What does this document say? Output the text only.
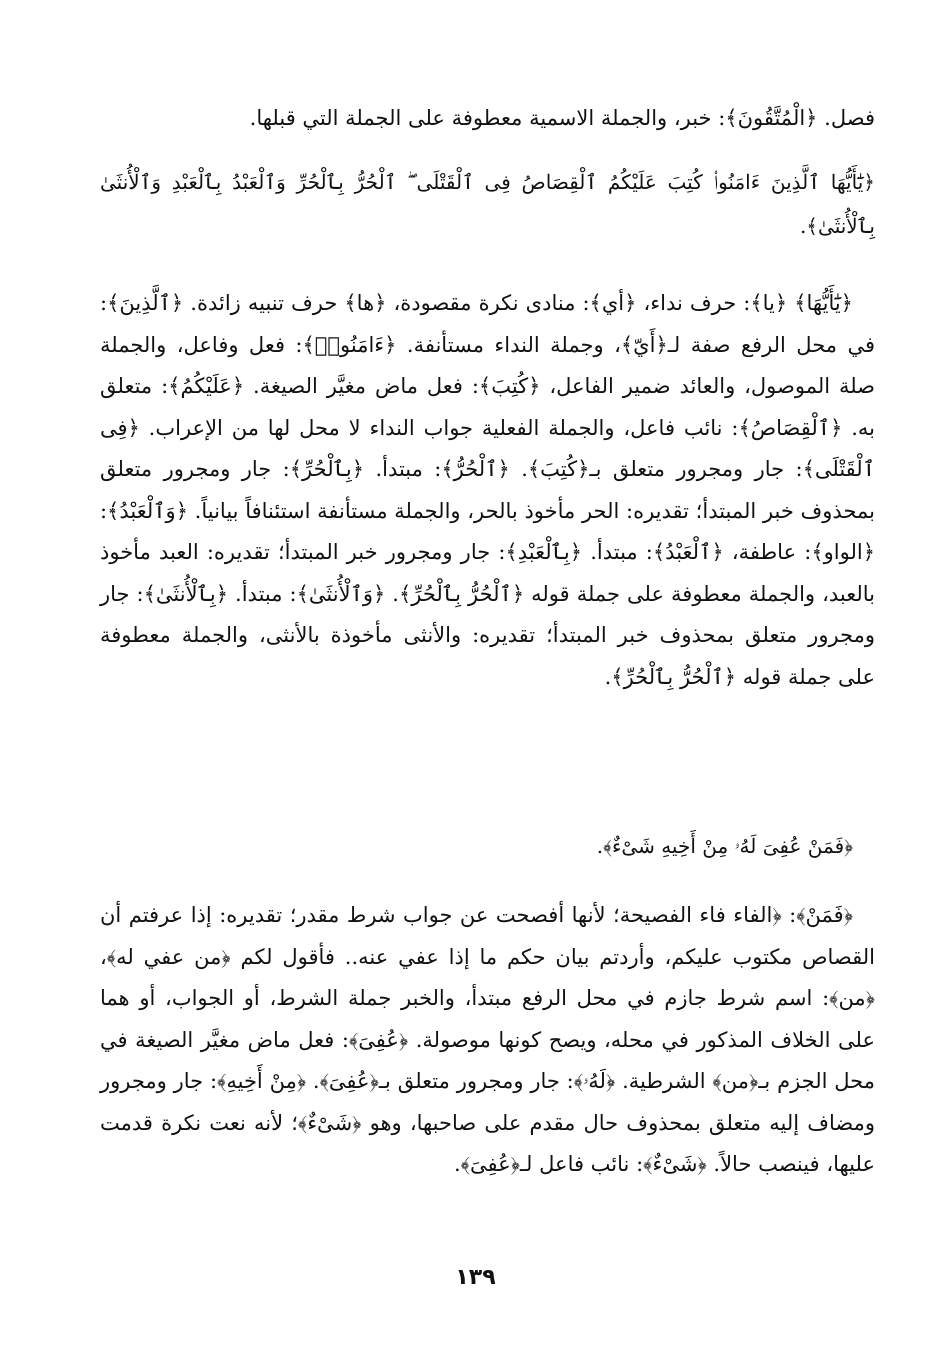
فصل. ﴿الْمُتَّقُونَ﴾: خبر، والجملة الاسمية معطوفة على الجملة التي قبلها.

﴿يَٰٓأَيُّهَا ٱلَّذِينَ ءَامَنُوا۟ كُتِبَ عَلَيْكُمُ ٱلْقِصَاصُ فِى ٱلْقَتْلَى ۖ ٱلْحُرُّ بِٱلْحُرِّ وَٱلْعَبْدُ بِٱلْعَبْدِ وَٱلْأُنثَىٰ بِٱلْأُنثَىٰ﴾.

﴿يَٰٓأَيُّهَا﴾ ﴿يا﴾: حرف نداء، ﴿أي﴾: منادى نكرة مقصودة، ﴿ها﴾ حرف تنبيه زائدة. ﴿ٱلَّذِينَ﴾: في محل الرفع صفة لـ﴿أَيّ﴾، وجملة النداء مستأنفة. ﴿ءَامَنُوا۟﴾: فعل وفاعل، والجملة صلة الموصول، والعائد ضمير الفاعل، ﴿كُتِبَ﴾: فعل ماض مغيَّر الصيغة. ﴿عَلَيْكُمُ﴾: متعلق به. ﴿ٱلْقِصَاصُ﴾: نائب فاعل، والجملة الفعلية جواب النداء لا محل لها من الإعراب. ﴿فِى ٱلْقَتْلَى﴾: جار ومجرور متعلق بـ﴿كُتِبَ﴾. ﴿ٱلْحُرُّ﴾: مبتدأ. ﴿بِٱلْحُرِّ﴾: جار ومجرور متعلق بمحذوف خبر المبتدأ؛ تقديره: الحر مأخوذ بالحر، والجملة مستأنفة استئنافاً بيانياً. ﴿وَٱلْعَبْدُ﴾: ﴿الواو﴾: عاطفة، ﴿ٱلْعَبْدُ﴾: مبتدأ. ﴿بِٱلْعَبْدِ﴾: جار ومجرور خبر المبتدأ؛ تقديره: العبد مأخوذ بالعبد، والجملة معطوفة على جملة قوله ﴿ٱلْحُرُّ بِٱلْحُرِّ﴾. ﴿وَٱلْأُنثَىٰ﴾: مبتدأ. ﴿بِٱلْأُنثَىٰ﴾: جار ومجرور متعلق بمحذوف خبر المبتدأ؛ تقديره: والأنثى مأخوذة بالأنثى، والجملة معطوفة على جملة قوله ﴿ٱلْحُرُّ بِٱلْحُرِّ﴾.

﴿فَمَنْ عُفِىَ لَهُۥ مِنْ أَخِيهِ شَىْءٌ﴾.

﴿فَمَنْ﴾: ﴿الفاء فاء الفصيحة؛ لأنها أفصحت عن جواب شرط مقدر؛ تقديره: إذا عرفتم أن القصاص مكتوب عليكم، وأردتم بيان حكم ما إذا عفي عنه.. فأقول لكم ﴿من عفي له﴾، ﴿من﴾: اسم شرط جازم في محل الرفع مبتدأ، والخبر جملة الشرط، أو الجواب، أو هما على الخلاف المذكور في محله، ويصح كونها موصولة. ﴿عُفِىَ﴾: فعل ماض مغيَّر الصيغة في محل الجزم بـ﴿من﴾ الشرطية. ﴿لَهُۥ﴾: جار ومجرور متعلق بـ﴿عُفِىَ﴾. ﴿مِنْ أَخِيهِ﴾: جار ومجرور ومضاف إليه متعلق بمحذوف حال مقدم على صاحبها، وهو ﴿شَىْءٌ﴾؛ لأنه نعت نكرة قدمت عليها، فينصب حالاً. ﴿شَىْءٌ﴾: نائب فاعل لـ﴿عُفِىَ﴾.

١٣٩
